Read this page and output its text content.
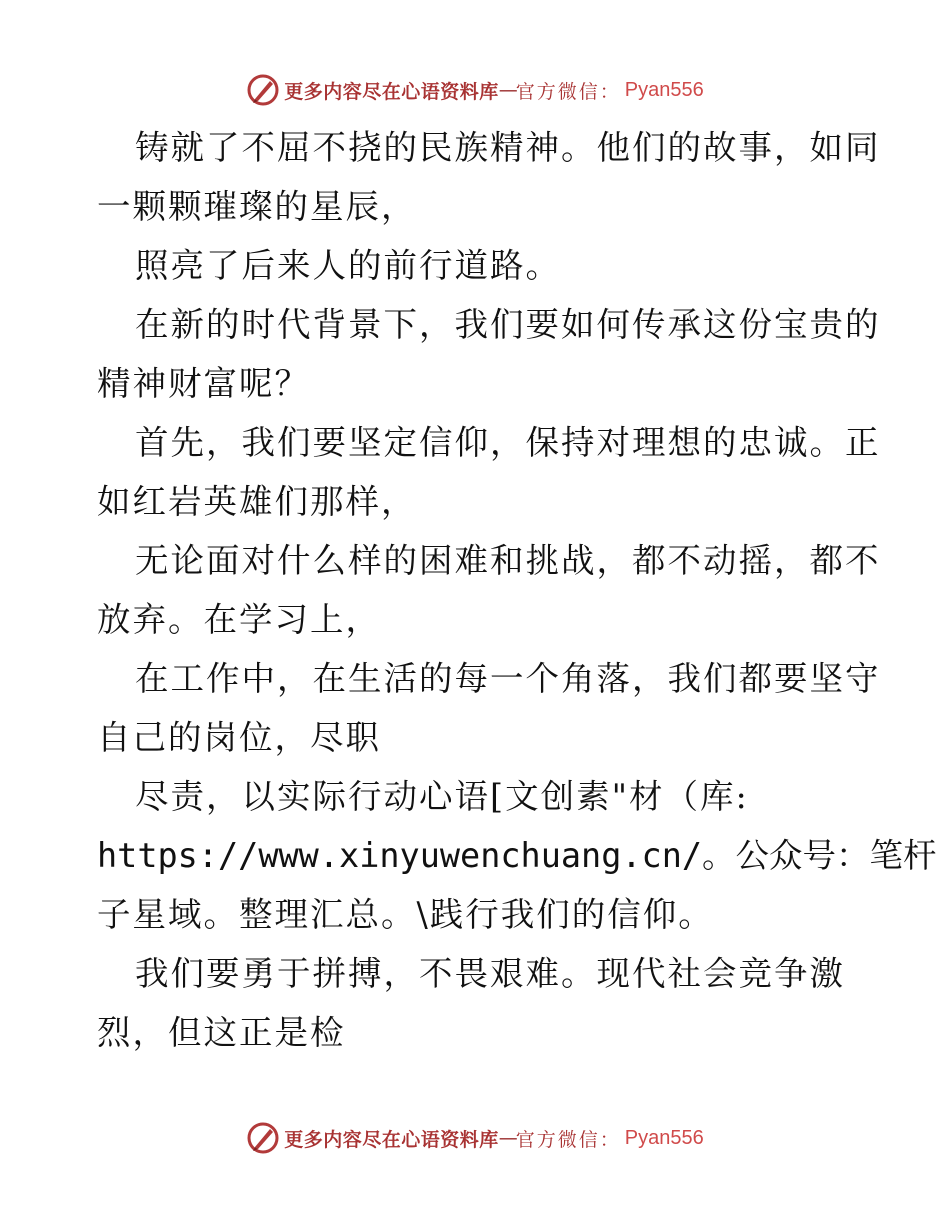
更多内容尽在心语资料库 — 官方微信： Pyan556
铸就了不屈不挠的民族精神。他们的故事，如同
一颗颗璀璨的星辰，
照亮了后来人的前行道路。
在新的时代背景下，我们要如何传承这份宝贵的
精神财富呢？
首先，我们要坚定信仰，保持对理想的忠诚。正
如红岩英雄们那样，
无论面对什么样的困难和挑战，都不动摇，都不
放弃。在学习上，
在工作中，在生活的每一个角落，我们都要坚守
自己的岗位，尽职
尽责，以实际行动心语[文创素"材（库:
https://www.xinyuwenchuang.cn/。公众号：笔杆
子星域。整理汇总。\践行我们的信仰。
我们要勇于拼搏，不畏艰难。现代社会竞争激
烈，但这正是检
更多内容尽在心语资料库 — 官方微信： Pyan556
